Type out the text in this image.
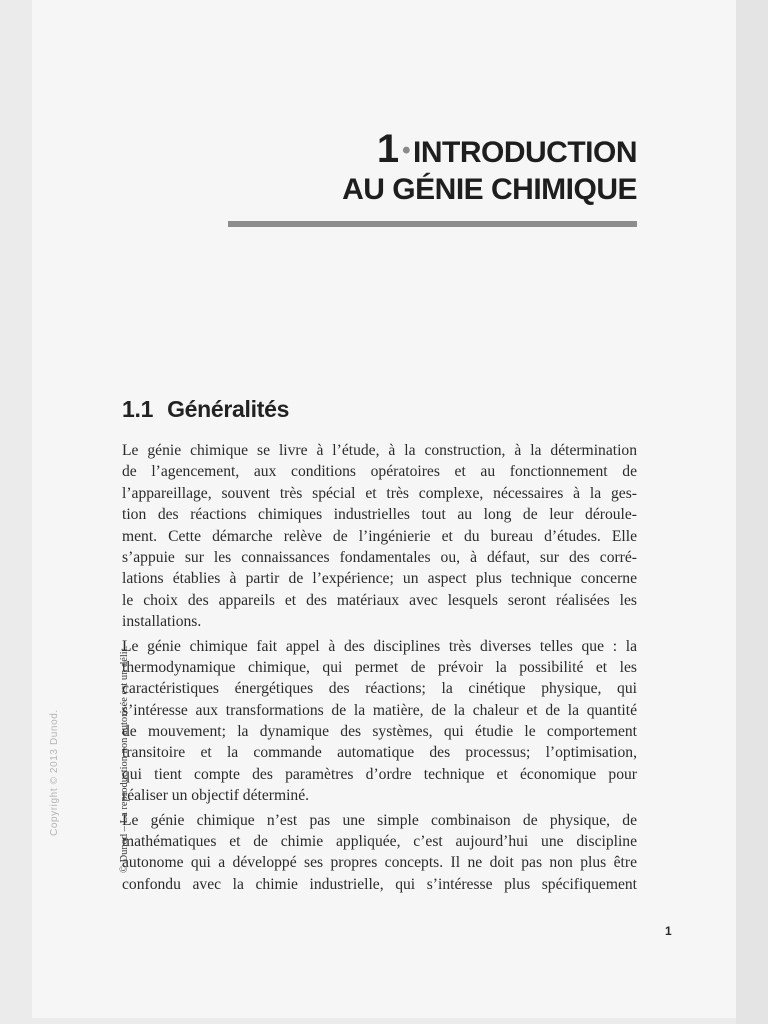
1 • INTRODUCTION
AU GÉNIE CHIMIQUE
1.1 Généralités

Le génie chimique se livre à l’étude, à la construction, à la détermination
de l’agencement, aux conditions opératoires et au fonctionnement de
l’appareillage, souvent très spécial et très complexe, nécessaires à la ges-
tion des réactions chimiques industrielles tout au long de leur déroule-
ment. Cette démarche relève de l’ingénierie et du bureau d’études. Elle
s’appuie sur les connaissances fondamentales ou, à défaut, sur des corré-
lations établies à partir de l’expérience; un aspect plus technique concerne
le choix des appareils et des matériaux avec lesquels seront réalisées les
installations.

Le génie chimique fait appel à des disciplines très diverses telles que : la
thermodynamique chimique, qui permet de prévoir la possibilité et les
caractéristiques énergétiques des réactions; la cinétique physique, qui
s’intéresse aux transformations de la matière, de la chaleur et de la quantité
de mouvement; la dynamique des systèmes, qui étudie le comportement
transitoire et la commande automatique des processus; l’optimisation,
qui tient compte des paramètres d’ordre technique et économique pour
réaliser un objectif déterminé.

Le génie chimique n’est pas une simple combinaison de physique, de
mathématiques et de chimie appliquée, c’est aujourd’hui une discipline
autonome qui a développé ses propres concepts. Il ne doit pas non plus être
confondu avec la chimie industrielle, qui s’intéresse plus spécifiquement

© Dunod – La reproduction non autorisée est un délit.
1
Copyright © 2013 Dunod.
